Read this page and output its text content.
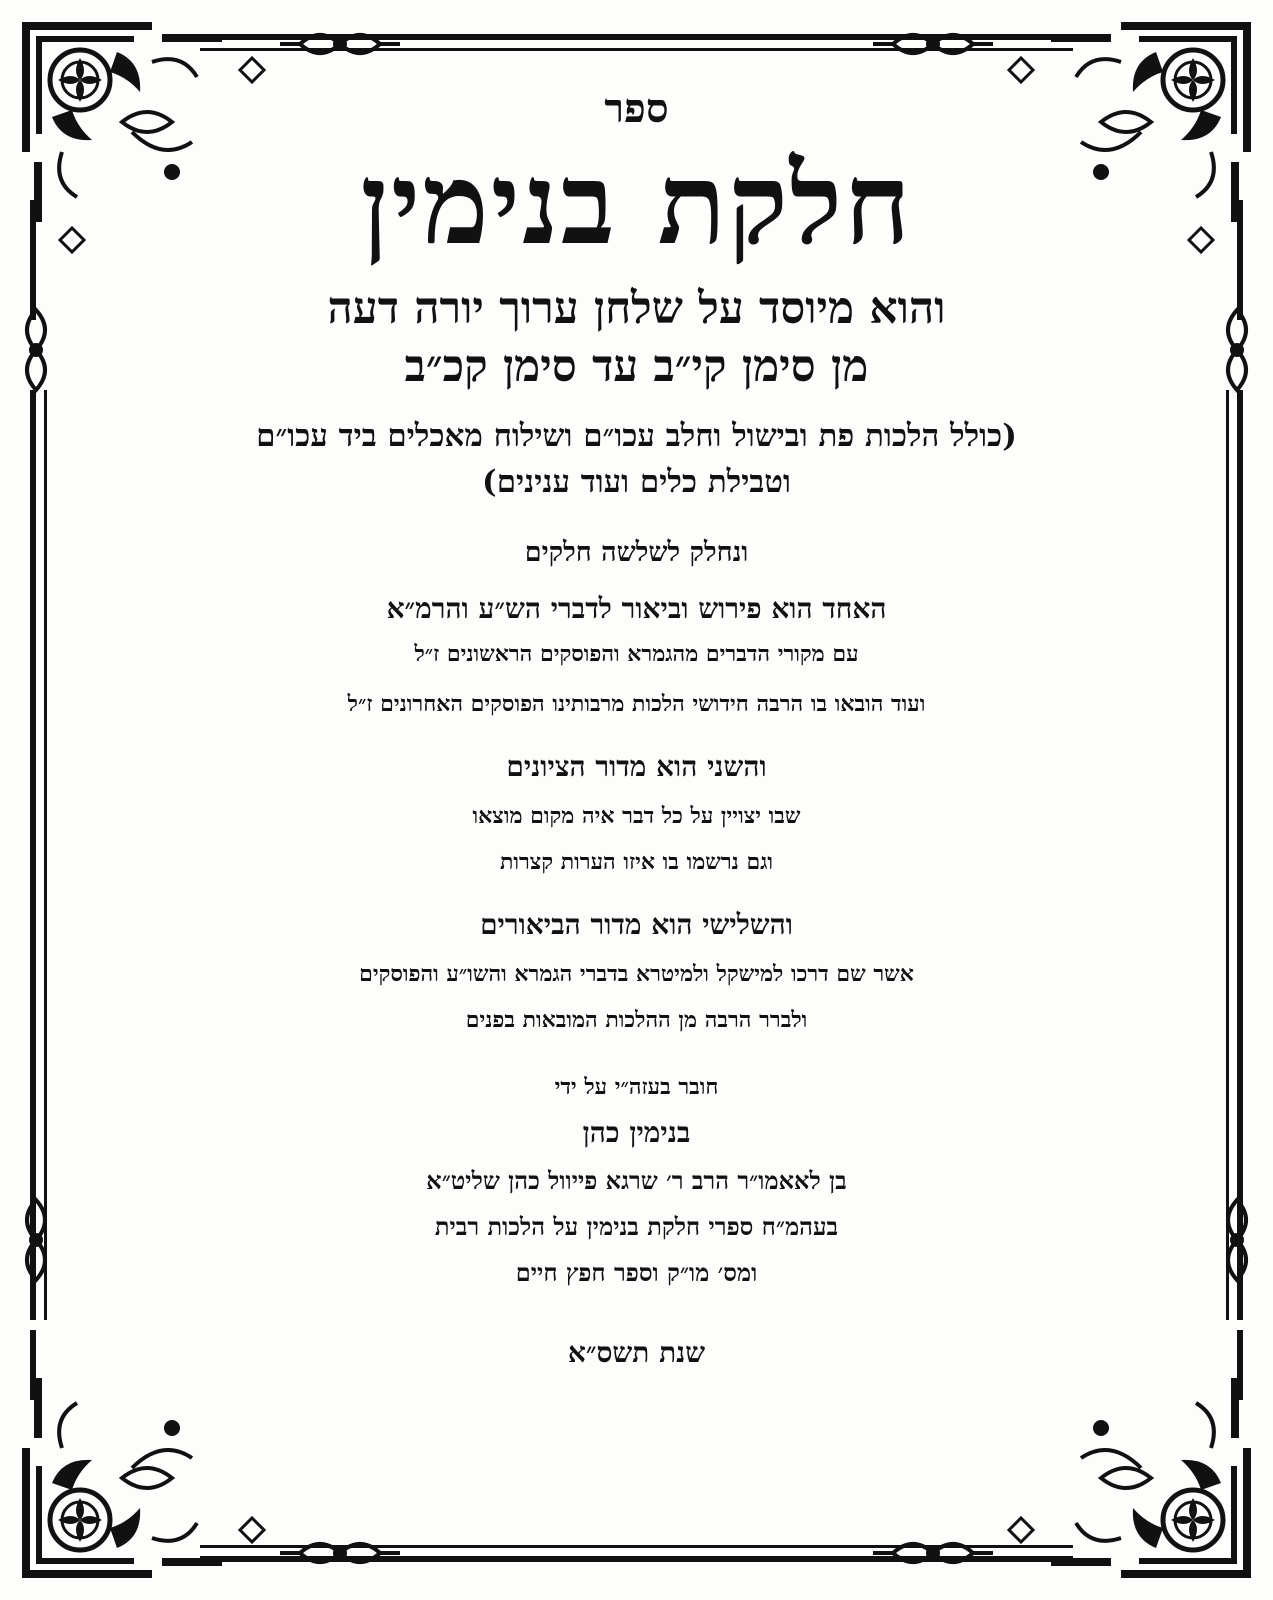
ספר
חלקת בנימין
והוא מיוסד על שלחן ערוך יורה דעה
מן סימן קי״ב עד סימן קכ״ב
(כולל הלכות פת ובישול וחלב עכו״ם ושילוח מאכלים ביד עכו״ם
וטבילת כלים ועוד ענינים)
ונחלק לשלשה חלקים
האחד הוא פירוש וביאור לדברי הש״ע והרמ״א
עם מקורי הדברים מהגמרא והפוסקים הראשונים ז״ל
ועוד הובאו בו הרבה חידושי הלכות מרבותינו הפוסקים האחרונים ז״ל
והשני הוא מדור הציונים
שבו יצויין על כל דבר איה מקום מוצאו
וגם נרשמו בו איזו הערות קצרות
והשלישי הוא מדור הביאורים
אשר שם דרכו למישקל ולמיטרא בדברי הגמרא והשו״ע והפוסקים
ולברר הרבה מן ההלכות המובאות בפנים
חובר בעזה״י על ידי
בנימין כהן
בן לאאמו״ר הרב ר׳ שרגא פייוול כהן שליט״א
בעהמ״ח ספרי חלקת בנימין על הלכות רבית
ומס׳ מו״ק וספר חפץ חיים
שנת תשס״א
